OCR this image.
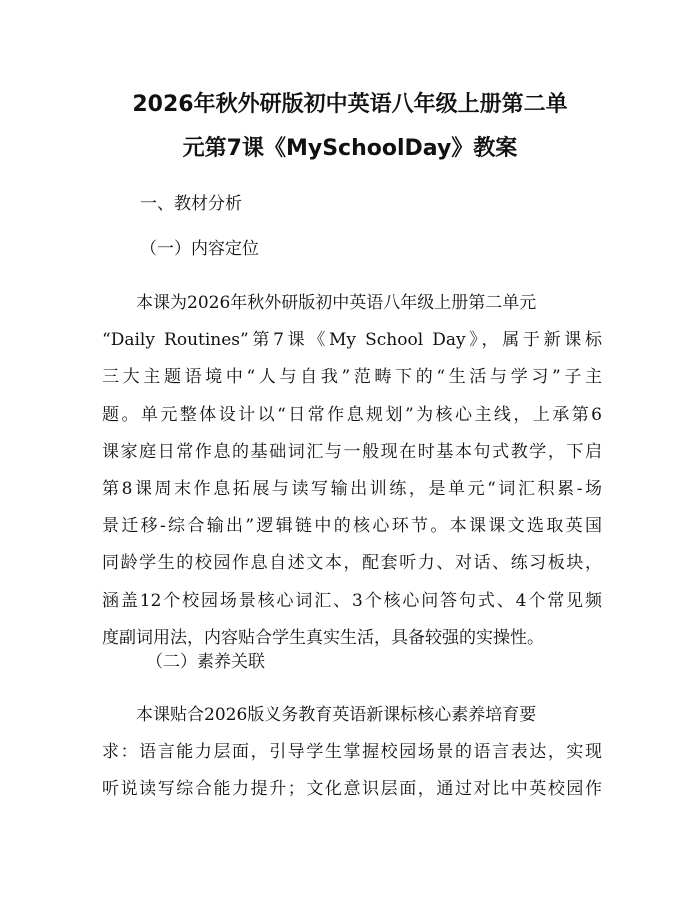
2026年秋外研版初中英语八年级上册第二单
元第7课《MySchoolDay》教案
一、教材分析
（一）内容定位

本课为2026年秋外研版初中英语八年级上册第二单元

“Daily Routines”第7课《My School Day》，属于新课标

三大主题语境中“人与自我”范畴下的“生活与学习”子主

题。单元整体设计以“日常作息规划”为核心主线，上承第6

课家庭日常作息的基础词汇与一般现在时基本句式教学，下启

第8课周末作息拓展与读写输出训练，是单元“词汇积累-场

景迁移-综合输出”逻辑链中的核心环节。本课课文选取英国

同龄学生的校园作息自述文本，配套听力、对话、练习板块，

涵盖12个校园场景核心词汇、3个核心问答句式、4个常见频

度副词用法，内容贴合学生真实生活，具备较强的实操性。

（二）素养关联

本课贴合2026版义务教育英语新课标核心素养培育要

求：语言能力层面，引导学生掌握校园场景的语言表达，实现

听说读写综合能力提升；文化意识层面，通过对比中英校园作
